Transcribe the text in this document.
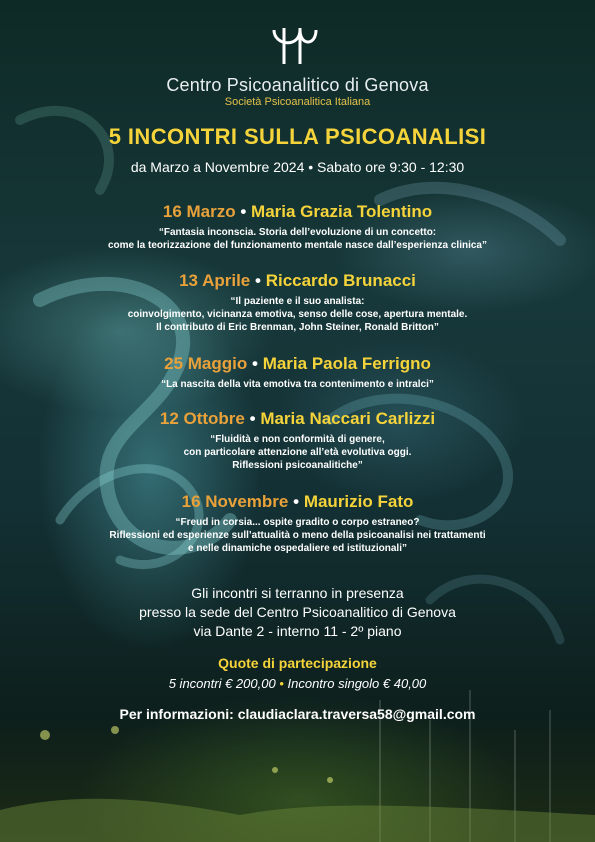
Centro Psicoanalitico di Genova
Società Psicoanalitica Italiana
5 INCONTRI SULLA PSICOANALISI
da Marzo a Novembre 2024 • Sabato ore 9:30 - 12:30
16 Marzo • Maria Grazia Tolentino
“Fantasia inconscia. Storia dell’evoluzione di un concetto:
come la teorizzazione del funzionamento mentale nasce dall’esperienza clinica”
13 Aprile • Riccardo Brunacci
“Il paziente e il suo analista:
coinvolgimento, vicinanza emotiva, senso delle cose, apertura mentale.
Il contributo di Eric Brenman, John Steiner, Ronald Britton”
25 Maggio • Maria Paola Ferrigno
“La nascita della vita emotiva tra contenimento e intralci”
12 Ottobre • Maria Naccari Carlizzi
“Fluidità e non conformità di genere,
con particolare attenzione all’età evolutiva oggi.
Riflessioni psicoanalitiche”
16 Novembre • Maurizio Fato
“Freud in corsia... ospite gradito o corpo estraneo?
Riflessioni ed esperienze sull’attualità o meno della psicoanalisi nei trattamenti
e nelle dinamiche ospedaliere ed istituzionali”
Gli incontri si terranno in presenza
presso la sede del Centro Psicoanalitico di Genova
via Dante 2 - interno 11 - 2º piano
Quote di partecipazione
5 incontri € 200,00 • Incontro singolo € 40,00
Per informazioni: claudiaclara.traversa58@gmail.com
